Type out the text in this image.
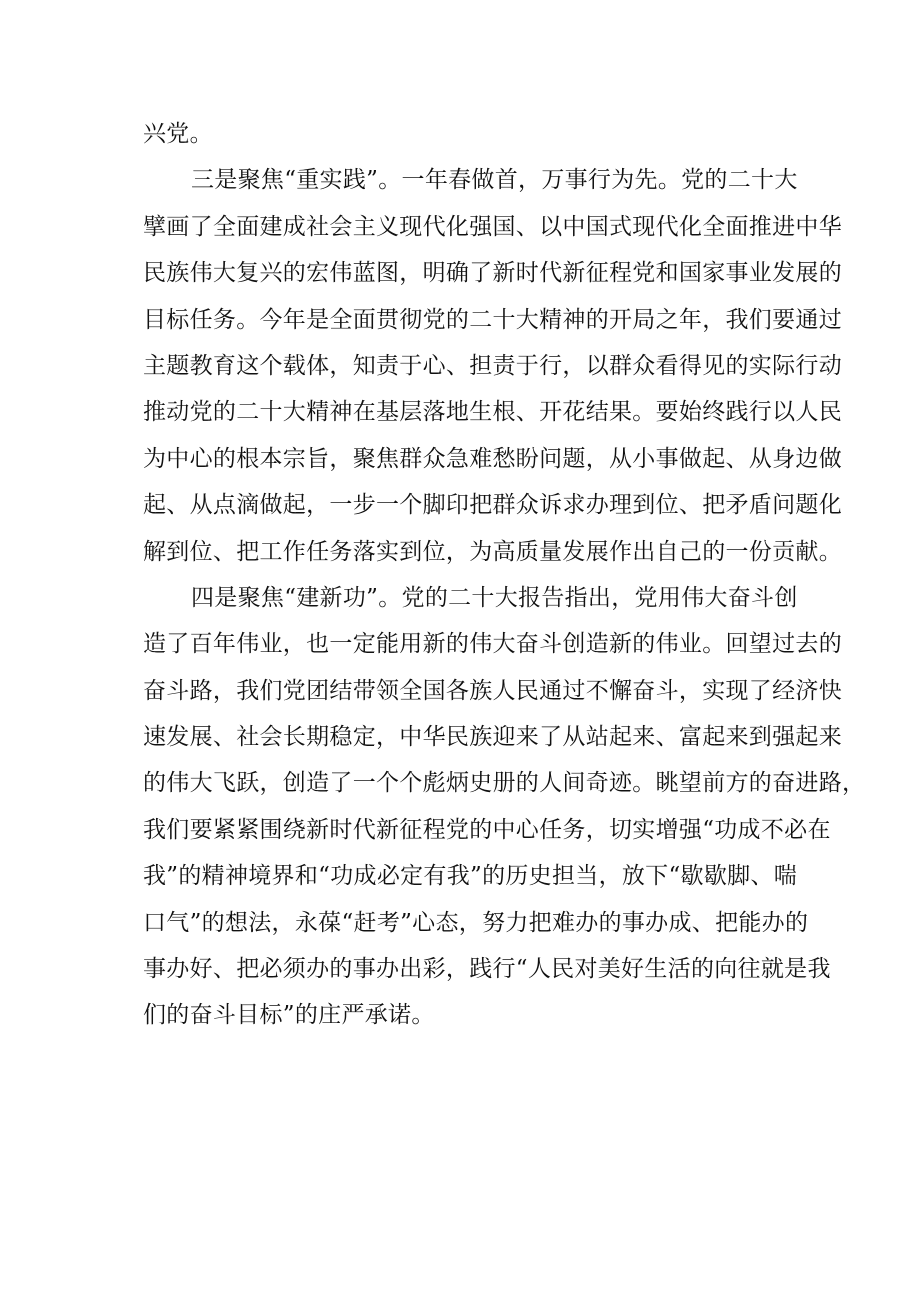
兴党。

三是聚焦“重实践”。一年春做首，万事行为先。党的二十大
擘画了全面建成社会主义现代化强国、以中国式现代化全面推进中华
民族伟大复兴的宏伟蓝图，明确了新时代新征程党和国家事业发展的
目标任务。今年是全面贯彻党的二十大精神的开局之年，我们要通过
主题教育这个载体，知责于心、担责于行，以群众看得见的实际行动
推动党的二十大精神在基层落地生根、开花结果。要始终践行以人民
为中心的根本宗旨，聚焦群众急难愁盼问题，从小事做起、从身边做
起、从点滴做起，一步一个脚印把群众诉求办理到位、把矛盾问题化
解到位、把工作任务落实到位，为高质量发展作出自己的一份贡献。

四是聚焦“建新功”。党的二十大报告指出，党用伟大奋斗创
造了百年伟业，也一定能用新的伟大奋斗创造新的伟业。回望过去的
奋斗路，我们党团结带领全国各族人民通过不懈奋斗，实现了经济快
速发展、社会长期稳定，中华民族迎来了从站起来、富起来到强起来
的伟大飞跃，创造了一个个彪炳史册的人间奇迹。眺望前方的奋进路，
我们要紧紧围绕新时代新征程党的中心任务，切实增强“功成不必在
我”的精神境界和“功成必定有我”的历史担当，放下“歇歇脚、喘
口气”的想法，永葆“赶考”心态，努力把难办的事办成、把能办的
事办好、把必须办的事办出彩，践行“人民对美好生活的向往就是我
们的奋斗目标”的庄严承诺。
